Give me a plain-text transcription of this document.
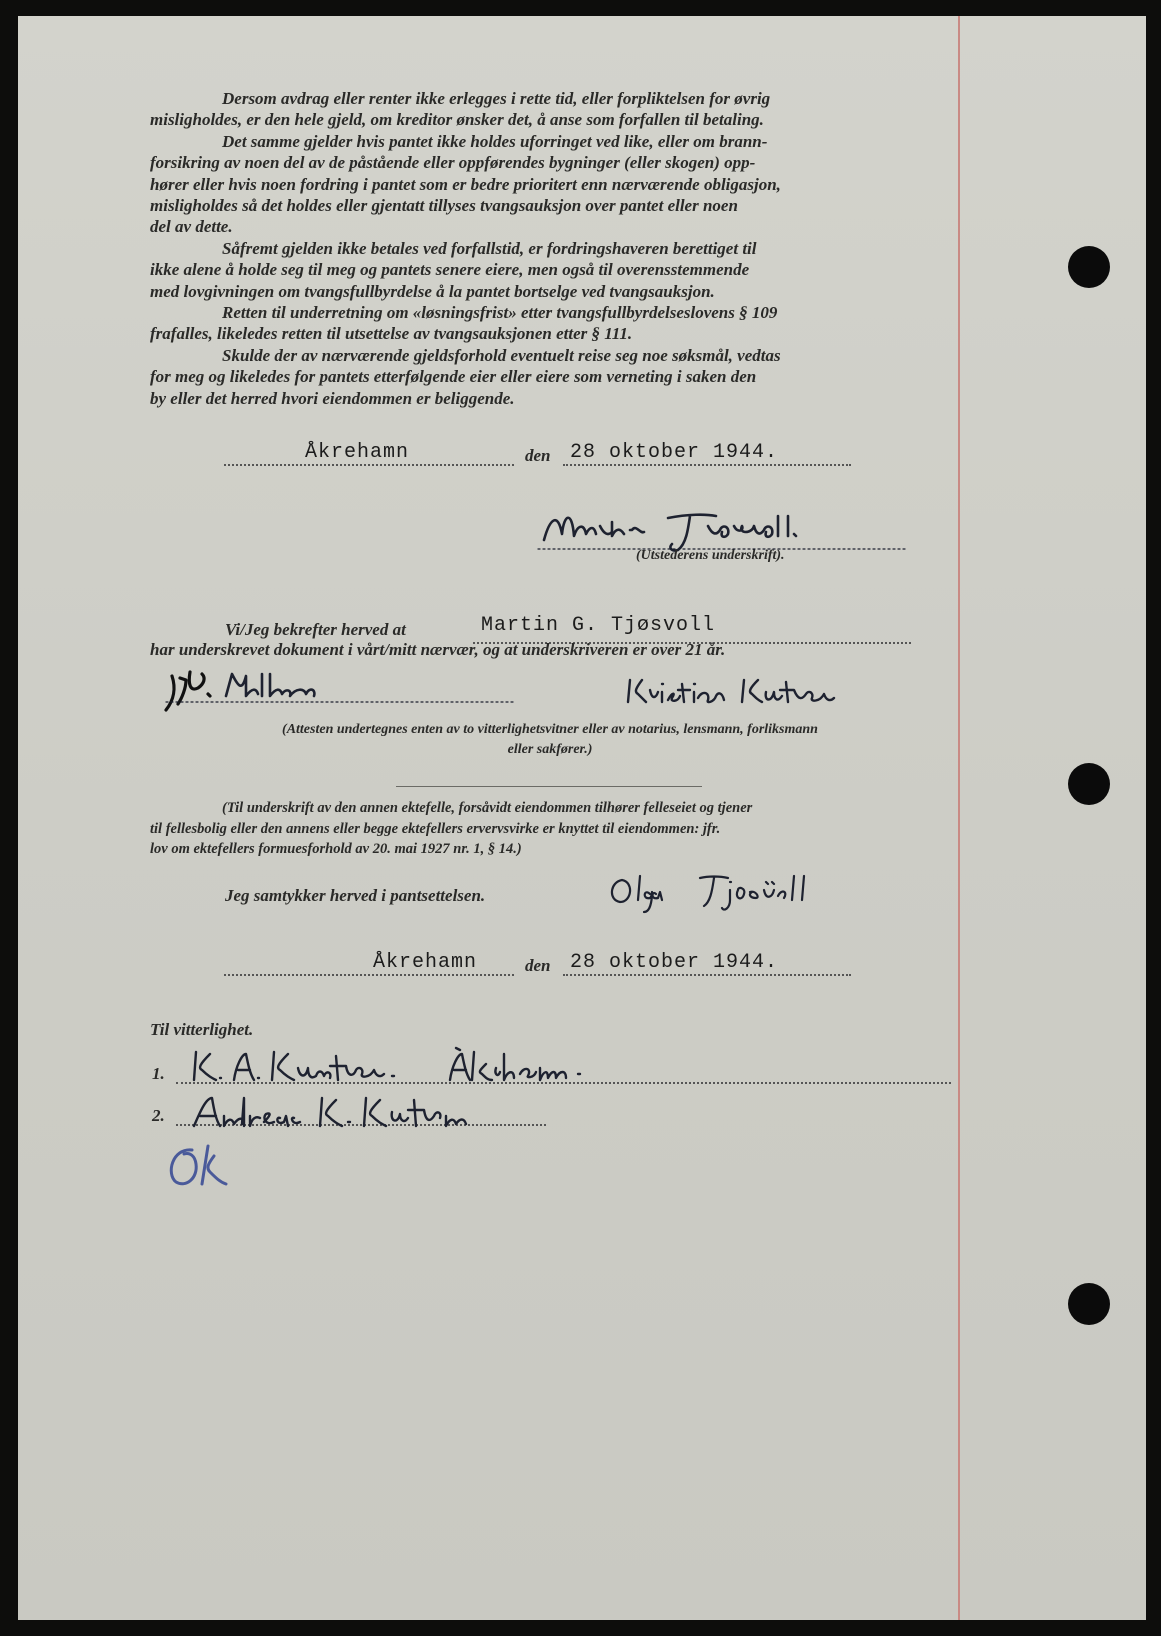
Dersom avdrag eller renter ikke erlegges i rette tid, eller forpliktelsen for øvrig
misligholdes, er den hele gjeld, om kreditor ønsker det, å anse som forfallen til betaling.
Det samme gjelder hvis pantet ikke holdes uforringet ved like, eller om brann-
forsikring av noen del av de påstående eller oppførendes bygninger (eller skogen) opp-
hører eller hvis noen fordring i pantet som er bedre prioritert enn nærværende obligasjon,
misligholdes så det holdes eller gjentatt tillyses tvangsauksjon over pantet eller noen
del av dette.
Såfremt gjelden ikke betales ved forfallstid, er fordringshaveren berettiget til
ikke alene å holde seg til meg og pantets senere eiere, men også til overensstemmende
med lovgivningen om tvangsfullbyrdelse å la pantet bortselge ved tvangsauksjon.
Retten til underretning om «løsningsfrist» etter tvangsfullbyrdelseslovens § 109
frafalles, likeledes retten til utsettelse av tvangsauksjonen etter § 111.
Skulde der av nærværende gjeldsforhold eventuelt reise seg noe søksmål, vedtas
for meg og likeledes for pantets etterfølgende eier eller eiere som verneting i saken den
by eller det herred hvori eiendommen er beliggende.
Åkrehamn	den 28 oktober 1944.
(Utstederens underskrift).
Vi/Jeg bekrefter herved at	Martin G. Tjøsvoll
har underskrevet dokument i vårt/mitt nærvær, og at underskriveren er over 21 år.
(Attesten undertegnes enten av to vitterlighetsvitner eller av notarius, lensmann, forliksmann
eller sakfører.)
(Til underskrift av den annen ektefelle, forsåvidt eiendommen tilhører felleseiet og tjener
til fellesbolig eller den annens eller begge ektefellers ervervsvirke er knyttet til eiendommen: jfr.
lov om ektefellers formuesforhold av 20. mai 1927 nr. 1, § 14.)
Jeg samtykker herved i pantsettelsen.
Åkrehamn	den 28 oktober 1944.
Til vitterlighet.
1.
2.
